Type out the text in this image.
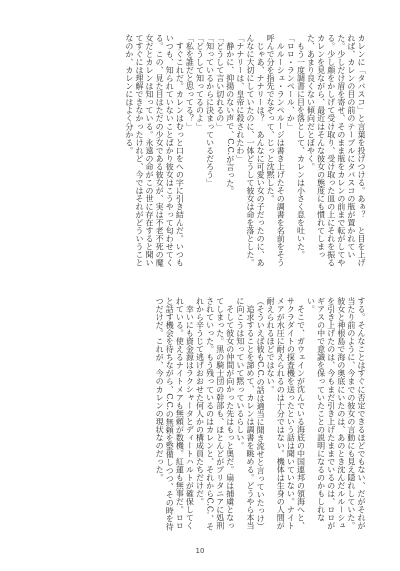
カレンに「タバスコ」と言葉を投げつける。あぁ？　と目を上げれば、カレンの目の前のテーブルにタバスコの瓶が置かれていた。少しだけ眉を寄せ、そのまま瓶をカレンの前まで転がしてやる。少し顔をかしげて受け取り、受け取った皿の上にそれを振るカレンを見ながら、最近はそんな彼女の態度にも慣れてしまった、あまり良くない傾向だとぼやく。

もう一度調書に目を落として、カレンは小さく息を吐いた。

「ロロ・ランペール、か」

ルルーシュ・ランペルージは書き上げたその調書を名前をそう呼んで分を指先でなぞって、じっと沈黙した。

じゃあ、ナナリーは？　あんなに可愛い女の子だったのに、あんなに大切にしていたのに、一体どうして彼女は命を落とした。

「ナナリーは、皇帝に殺されたわ」

静かに、抑揚のない声で、C.C.が言った。

「どうして言い切れるの」

「知っているからに決まっているだろう」

「どうして知ってるのよ」

「私を誰だと思ってる？」

すぐこれだ。カレンはむっと口をへの字に引き結んだ。いつもいつも、知られていないことばかり彼女はこうやって匂わせてくる。この、見た目はただの少女である彼女が、実は不老不死の魔女だとカレンは知っている。永遠の命がこの世に存在すると聞いてすぐには理解できなかったけれど、今ではそれがどういうことなのか、カレンにはよく分かる。

する。そんなことはすぐに否定できるほどでもない、だがそれが当たり前のように、今までの彼女の言動にも見え隠れしていた。彼女と神根島で海の奥底にいたのは、あのとき沈んだルルーシュを引き上げたのは、今もまだ引き上げたままでいるのは、ロロがギアスの中で意識を保っていたことの説明になるのかもしれない。

そこで、ガウェインが沈んでいる海底の中国連邦の領海へと、サクラダイトの探査機を送ったという話は聞いていない。ナイトメアが水圧に耐えられるのは十分ではない。機体は生身の人間が耐えられるほどではない。

（そういえば彼もC.C.の話は適当に聞き流せと言っていたっけ）

追求することを諦めて、カレンは調書を眺める。どうやら本当に向こうは知っていて黙っているらしい。

そして彼女の仲間が向かった先はもっと奥だ。扇は捕虜となってしまった。黒の騎士団の幹部も、ほとんどがブリタニアに処刑されていった。もう残っているのはカレンと、それからC.C.、それから辛うじて逃げおおせた何人かの構成員たちだけだ。

幸いにも資金源はラクシャータとディートハルトが確保してくれている。使えるナイトメアも無頼が数機。紅蓮も無事だ。ロロと話す機会を待ちながら、C.C.の無頼を整備しつつ、その時を待つだけだ。これが、今のカレンの現状なのだった。

10
